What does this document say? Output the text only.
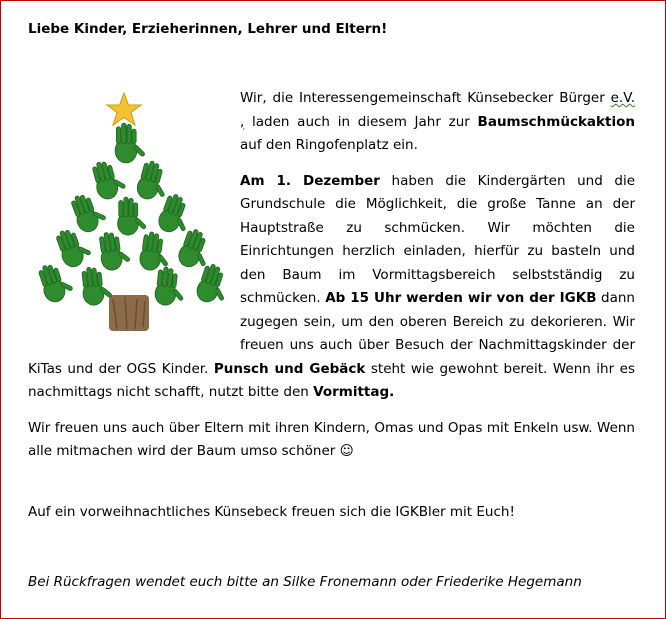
Liebe Kinder, Erzieherinnen, Lehrer und Eltern!

Wir, die Interessengemeinschaft Künsebecker Bürger e.V. , laden auch in diesem Jahr zur Baumschmückaktion auf den Ringofenplatz ein.

Am 1. Dezember haben die Kindergärten und die Grundschule die Möglichkeit, die große Tanne an der Hauptstraße zu schmücken. Wir möchten die Einrichtungen herzlich einladen, hierfür zu basteln und den Baum im Vormittagsbereich selbstständig zu schmücken. Ab 15 Uhr werden wir von der IGKB dann zugegen sein, um den oberen Bereich zu dekorieren. Wir freuen uns auch über Besuch der Nachmittagskinder der KiTas und der OGS Kinder. Punsch und Gebäck steht wie gewohnt bereit. Wenn ihr es nachmittags nicht schafft, nutzt bitte den Vormittag.

Wir freuen uns auch über Eltern mit ihren Kindern, Omas und Opas mit Enkeln usw. Wenn alle mitmachen wird der Baum umso schöner ☺

Auf ein vorweihnachtliches Künsebeck freuen sich die IGKBler mit Euch!
Bei Rückfragen wendet euch bitte an Silke Fronemann oder Friederike Hegemann
